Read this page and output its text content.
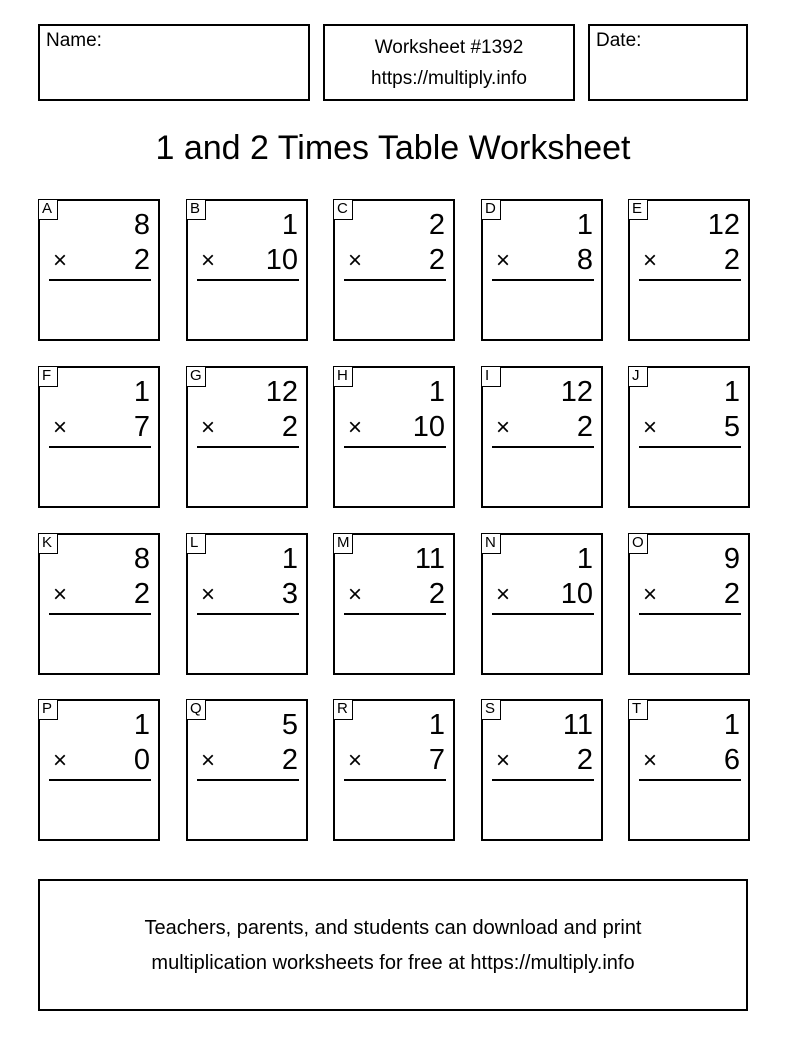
Name:	Worksheet #1392
https://multiply.info
Date:
1 and 2 Times Table Worksheet
A
8
× 2
B
1
× 10
C
2
× 2
D
1
× 8
E
12
× 2
F
1
× 7
G
12
× 2
H
1
× 10
I
12
× 2
J
1
× 5
K
8
× 2
L
1
× 3
M
11
× 2
N
1
× 10
O
9
× 2
P
1
× 0
Q
5
× 2
R
1
× 7
S
11
× 2
T
1
× 6
Teachers, parents, and students can download and print
multiplication worksheets for free at https://multiply.info
